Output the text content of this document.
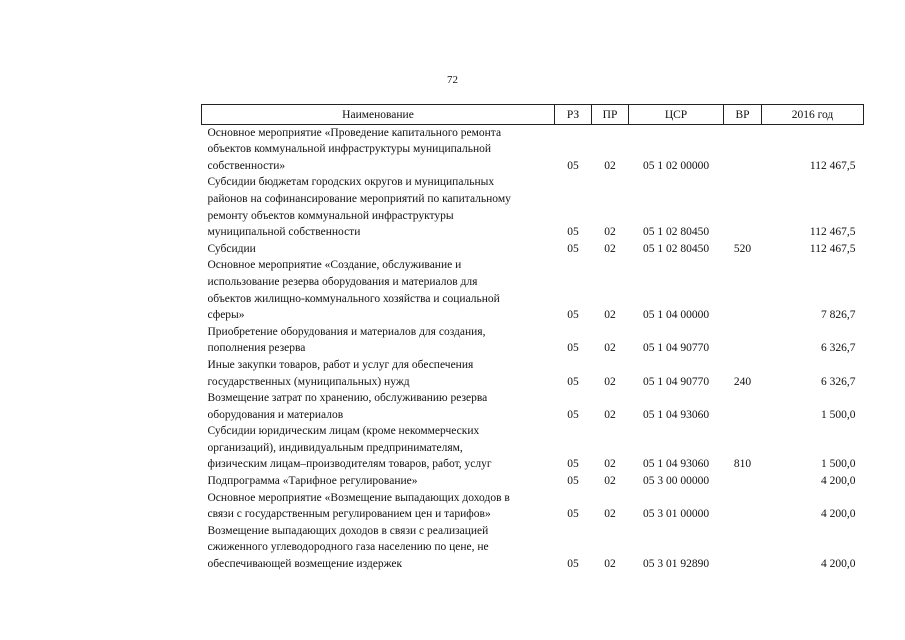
72
Наименование	РЗ	ПР	ЦСР	ВР	2016 год

Основное мероприятие «Проведение капитального ремонта
объектов коммунальной инфраструктуры муниципальной
собственности»	05	02	05 1 02 00000		112 467,5

Субсидии бюджетам городских округов и муниципальных
районов на софинансирование мероприятий по капитальному
ремонту объектов коммунальной инфраструктуры
муниципальной собственности	05	02	05 1 02 80450		112 467,5

Субсидии	05	02	05 1 02 80450	520	112 467,5

Основное мероприятие «Создание, обслуживание и
использование резерва оборудования и материалов для
объектов жилищно-коммунального хозяйства и социальной
сферы»	05	02	05 1 04 00000		7 826,7

Приобретение оборудования и материалов для создания,
пополнения резерва	05	02	05 1 04 90770		6 326,7

Иные закупки товаров, работ и услуг для обеспечения
государственных (муниципальных) нужд	05	02	05 1 04 90770	240	6 326,7

Возмещение затрат по хранению, обслуживанию резерва
оборудования и материалов	05	02	05 1 04 93060		1 500,0

Субсидии юридическим лицам (кроме некоммерческих
организаций), индивидуальным предпринимателям,
физическим лицам–производителям товаров, работ, услуг	05	02	05 1 04 93060	810	1 500,0

Подпрограмма «Тарифное регулирование»	05	02	05 3 00 00000		4 200,0

Основное мероприятие «Возмещение выпадающих доходов в
связи с государственным регулированием цен и тарифов»	05	02	05 3 01 00000		4 200,0

Возмещение выпадающих доходов в связи с реализацией
сжиженного углеводородного газа населению по цене, не
обеспечивающей возмещение издержек	05	02	05 3 01 92890		4 200,0
